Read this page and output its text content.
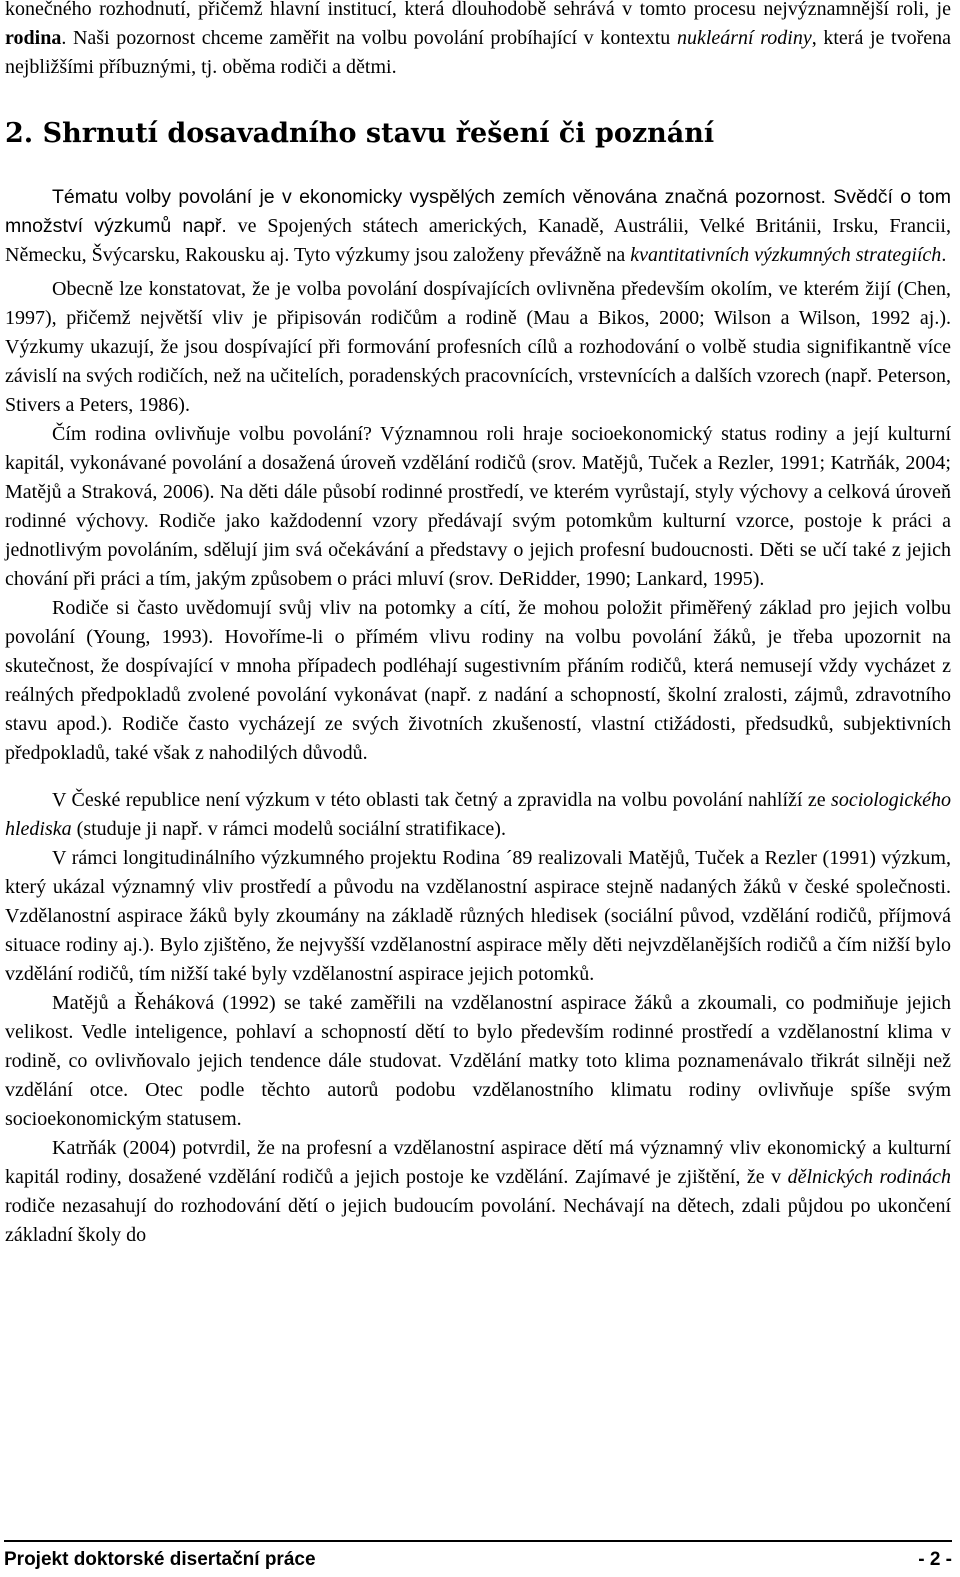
konečného rozhodnutí, přičemž hlavní institucí, která dlouhodobě sehrává v tomto procesu nejvýznamnější roli, je rodina. Naši pozornost chceme zaměřit na volbu povolání probíhající v kontextu nukleární rodiny, která je tvořena nejbližšími příbuznými, tj. oběma rodiči a dětmi.

2. Shrnutí dosavadního stavu řešení či poznání

Tématu volby povolání je v ekonomicky vyspělých zemích věnována značná pozornost. Svědčí o tom množství výzkumů např. ve Spojených státech amerických, Kanadě, Austrálii, Velké Británii, Irsku, Francii, Německu, Švýcarsku, Rakousku aj. Tyto výzkumy jsou založeny převážně na kvantitativních výzkumných strategiích.

Obecně lze konstatovat, že je volba povolání dospívajících ovlivněna především okolím, ve kterém žijí (Chen, 1997), přičemž největší vliv je připisován rodičům a rodině (Mau a Bikos, 2000; Wilson a Wilson, 1992 aj.). Výzkumy ukazují, že jsou dospívající při formování profesních cílů a rozhodování o volbě studia signifikantně více závislí na svých rodičích, než na učitelích, poradenských pracovnících, vrstevnících a dalších vzorech (např. Peterson, Stivers a Peters, 1986).

Čím rodina ovlivňuje volbu povolání? Významnou roli hraje socioekonomický status rodiny a její kulturní kapitál, vykonávané povolání a dosažená úroveň vzdělání rodičů (srov. Matějů, Tuček a Rezler, 1991; Katrňák, 2004; Matějů a Straková, 2006). Na děti dále působí rodinné prostředí, ve kterém vyrůstají, styly výchovy a celková úroveň rodinné výchovy. Rodiče jako každodenní vzory předávají svým potomkům kulturní vzorce, postoje k práci a jednotlivým povoláním, sdělují jim svá očekávání a představy o jejich profesní budoucnosti. Děti se učí také z jejich chování při práci a tím, jakým způsobem o práci mluví (srov. DeRidder, 1990; Lankard, 1995).

Rodiče si často uvědomují svůj vliv na potomky a cítí, že mohou položit přiměřený základ pro jejich volbu povolání (Young, 1993). Hovoříme-li o přímém vlivu rodiny na volbu povolání žáků, je třeba upozornit na skutečnost, že dospívající v mnoha případech podléhají sugestivním přáním rodičů, která nemusejí vždy vycházet z reálných předpokladů zvolené povolání vykonávat (např. z nadání a schopností, školní zralosti, zájmů, zdravotního stavu apod.). Rodiče často vycházejí ze svých životních zkušeností, vlastní ctižádosti, předsudků, subjektivních předpokladů, také však z nahodilých důvodů.

V České republice není výzkum v této oblasti tak četný a zpravidla na volbu povolání nahlíží ze sociologického hlediska (studuje ji např. v rámci modelů sociální stratifikace).

V rámci longitudinálního výzkumného projektu Rodina ´89 realizovali Matějů, Tuček a Rezler (1991) výzkum, který ukázal významný vliv prostředí a původu na vzdělanostní aspirace stejně nadaných žáků v české společnosti. Vzdělanostní aspirace žáků byly zkoumány na základě různých hledisek (sociální původ, vzdělání rodičů, příjmová situace rodiny aj.). Bylo zjištěno, že nejvyšší vzdělanostní aspirace měly děti nejvzdělanějších rodičů a čím nižší bylo vzdělání rodičů, tím nižší také byly vzdělanostní aspirace jejich potomků.

Matějů a Řeháková (1992) se také zaměřili na vzdělanostní aspirace žáků a zkoumali, co podmiňuje jejich velikost. Vedle inteligence, pohlaví a schopností dětí to bylo především rodinné prostředí a vzdělanostní klima v rodině, co ovlivňovalo jejich tendence dále studovat. Vzdělání matky toto klima poznamenávalo třikrát silněji než vzdělání otce. Otec podle těchto autorů podobu vzdělanostního klimatu rodiny ovlivňuje spíše svým socioekonomickým statusem.

Katrňák (2004) potvrdil, že na profesní a vzdělanostní aspirace dětí má významný vliv ekonomický a kulturní kapitál rodiny, dosažené vzdělání rodičů a jejich postoje ke vzdělání. Zajímavé je zjištění, že v dělnických rodinách rodiče nezasahují do rozhodování dětí o jejich budoucím povolání. Nechávají na dětech, zdali půjdou po ukončení základní školy do

Projekt doktorské disertační práce	- 2 -
